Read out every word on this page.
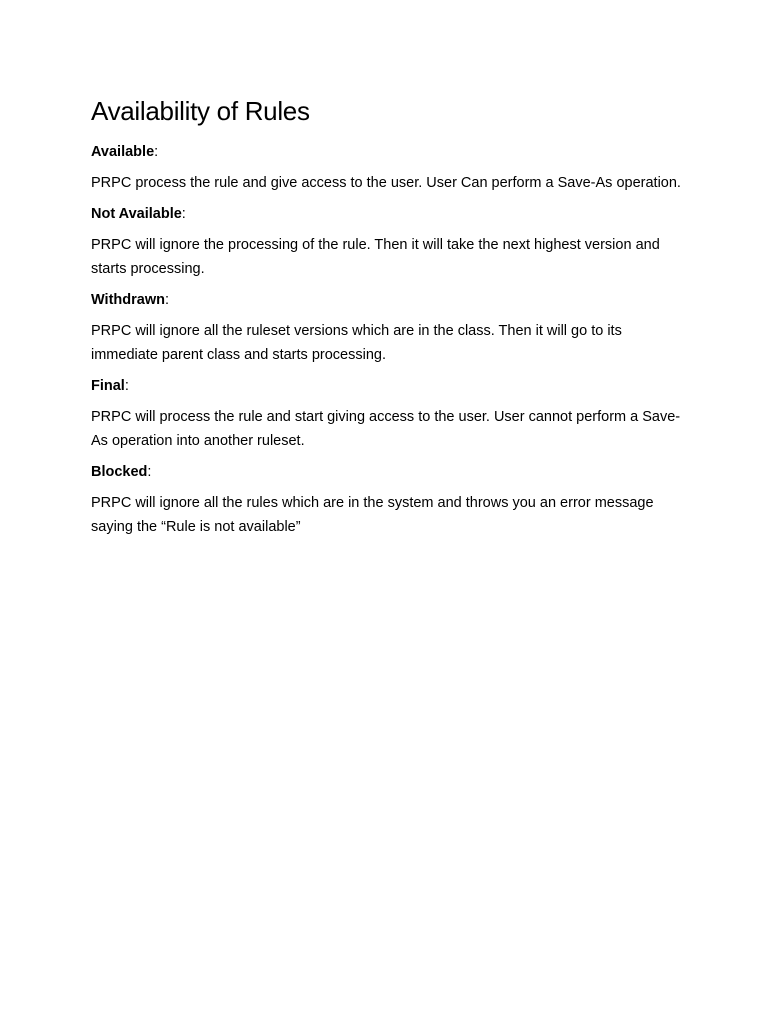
Availability of Rules

Available:

PRPC process the rule and give access to the user. User Can perform a Save-As operation.

Not Available:

PRPC will ignore the processing of the rule. Then it will take the next highest version and starts processing.

Withdrawn:

PRPC will ignore all the ruleset versions which are in the class. Then it will go to its immediate parent class and starts processing.

Final:

PRPC will process the rule and start giving access to the user. User cannot perform a Save-As operation into another ruleset.

Blocked:

PRPC will ignore all the rules which are in the system and throws you an error message saying the “Rule is not available”
